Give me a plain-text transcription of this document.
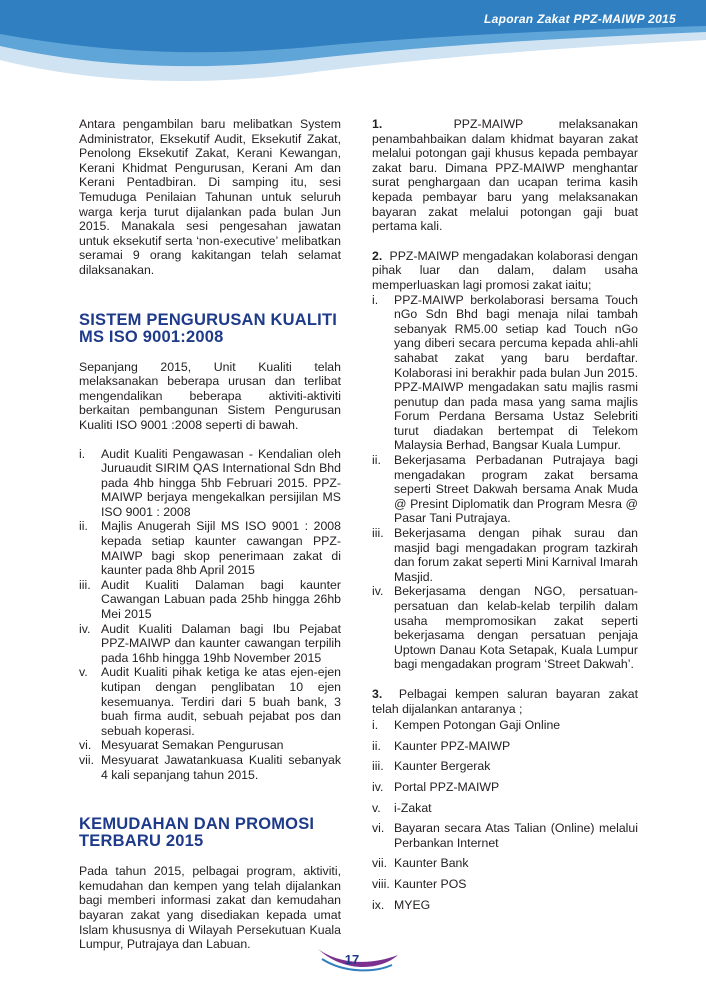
Laporan Zakat PPZ-MAIWP 2015

Antara pengambilan baru melibatkan System Administrator, Eksekutif Audit, Eksekutif Zakat, Penolong Eksekutif Zakat, Kerani Kewangan, Kerani Khidmat Pengurusan, Kerani Am dan Kerani Pentadbiran. Di samping itu, sesi Temuduga Penilaian Tahunan untuk seluruh warga kerja turut dijalankan pada bulan Jun 2015. Manakala sesi pengesahan jawatan untuk eksekutif serta ‘non-executive’ melibatkan seramai 9 orang kakitangan telah selamat dilaksanakan.

SISTEM PENGURUSAN KUALITI MS ISO 9001:2008

Sepanjang 2015, Unit Kualiti telah melaksanakan beberapa urusan dan terlibat mengendalikan beberapa aktiviti-aktiviti berkaitan pembangunan Sistem Pengurusan Kualiti ISO 9001 :2008 seperti di bawah.

i. Audit Kualiti Pengawasan - Kendalian oleh Juruaudit SIRIM QAS International Sdn Bhd pada 4hb hingga 5hb Februari 2015. PPZ-MAIWP berjaya mengekalkan persijilan MS ISO 9001 : 2008
ii. Majlis Anugerah Sijil MS ISO 9001 : 2008 kepada setiap kaunter cawangan PPZ-MAIWP bagi skop penerimaan zakat di kaunter pada 8hb April 2015
iii. Audit Kualiti Dalaman bagi kaunter Cawangan Labuan pada 25hb hingga 26hb Mei 2015
iv. Audit Kualiti Dalaman bagi Ibu Pejabat PPZ-MAIWP dan kaunter cawangan terpilih pada 16hb hingga 19hb November 2015
v. Audit Kualiti pihak ketiga ke atas ejen-ejen kutipan dengan penglibatan 10 ejen kesemuanya. Terdiri dari 5 buah bank, 3 buah firma audit, sebuah pejabat pos dan sebuah koperasi.
vi. Mesyuarat Semakan Pengurusan
vii. Mesyuarat Jawatankuasa Kualiti sebanyak 4 kali sepanjang tahun 2015.
KEMUDAHAN DAN PROMOSI TERBARU 2015

Pada tahun 2015, pelbagai program, aktiviti, kemudahan dan kempen yang telah dijalankan bagi memberi informasi zakat dan kemudahan bayaran zakat yang disediakan kepada umat Islam khususnya di Wilayah Persekutuan Kuala Lumpur, Putrajaya dan Labuan.

1.	PPZ-MAIWP melaksanakan penambahbaikan dalam khidmat bayaran zakat melalui potongan gaji khusus kepada pembayar zakat baru. Dimana PPZ-MAIWP menghantar surat penghargaan dan ucapan terima kasih kepada pembayar baru yang melaksanakan bayaran zakat melalui potongan gaji buat pertama kali.

2. PPZ-MAIWP mengadakan kolaborasi dengan pihak luar dan dalam, dalam usaha memperluaskan lagi promosi zakat iaitu;

i. PPZ-MAIWP berkolaborasi bersama Touch nGo Sdn Bhd bagi menaja nilai tambah sebanyak RM5.00 setiap kad Touch nGo yang diberi secara percuma kepada ahli-ahli sahabat zakat yang baru berdaftar. Kolaborasi ini berakhir pada bulan Jun 2015. PPZ-MAIWP mengadakan satu majlis rasmi penutup dan pada masa yang sama majlis Forum Perdana Bersama Ustaz Selebriti turut diadakan bertempat di Telekom Malaysia Berhad, Bangsar Kuala Lumpur.
ii. Bekerjasama Perbadanan Putrajaya bagi mengadakan program zakat bersama seperti Street Dakwah bersama Anak Muda @ Presint Diplomatik dan Program Mesra @ Pasar Tani Putrajaya.
iii. Bekerjasama dengan pihak surau dan masjid bagi mengadakan program tazkirah dan forum zakat seperti Mini Karnival Imarah Masjid.
iv. Bekerjasama dengan NGO, persatuan-persatuan dan kelab-kelab terpilih dalam usaha mempromosikan zakat seperti bekerjasama dengan persatuan penjaja Uptown Danau Kota Setapak, Kuala Lumpur bagi mengadakan program ‘Street Dakwah’.

3. Pelbagai kempen saluran bayaran zakat telah dijalankan antaranya ;

i. Kempen Potongan Gaji Online
ii. Kaunter PPZ-MAIWP
iii. Kaunter Bergerak
iv. Portal PPZ-MAIWP
v. i-Zakat
vi. Bayaran secara Atas Talian (Online) melalui Perbankan Internet
vii. Kaunter Bank
viii. Kaunter POS
ix. MYEG
17
